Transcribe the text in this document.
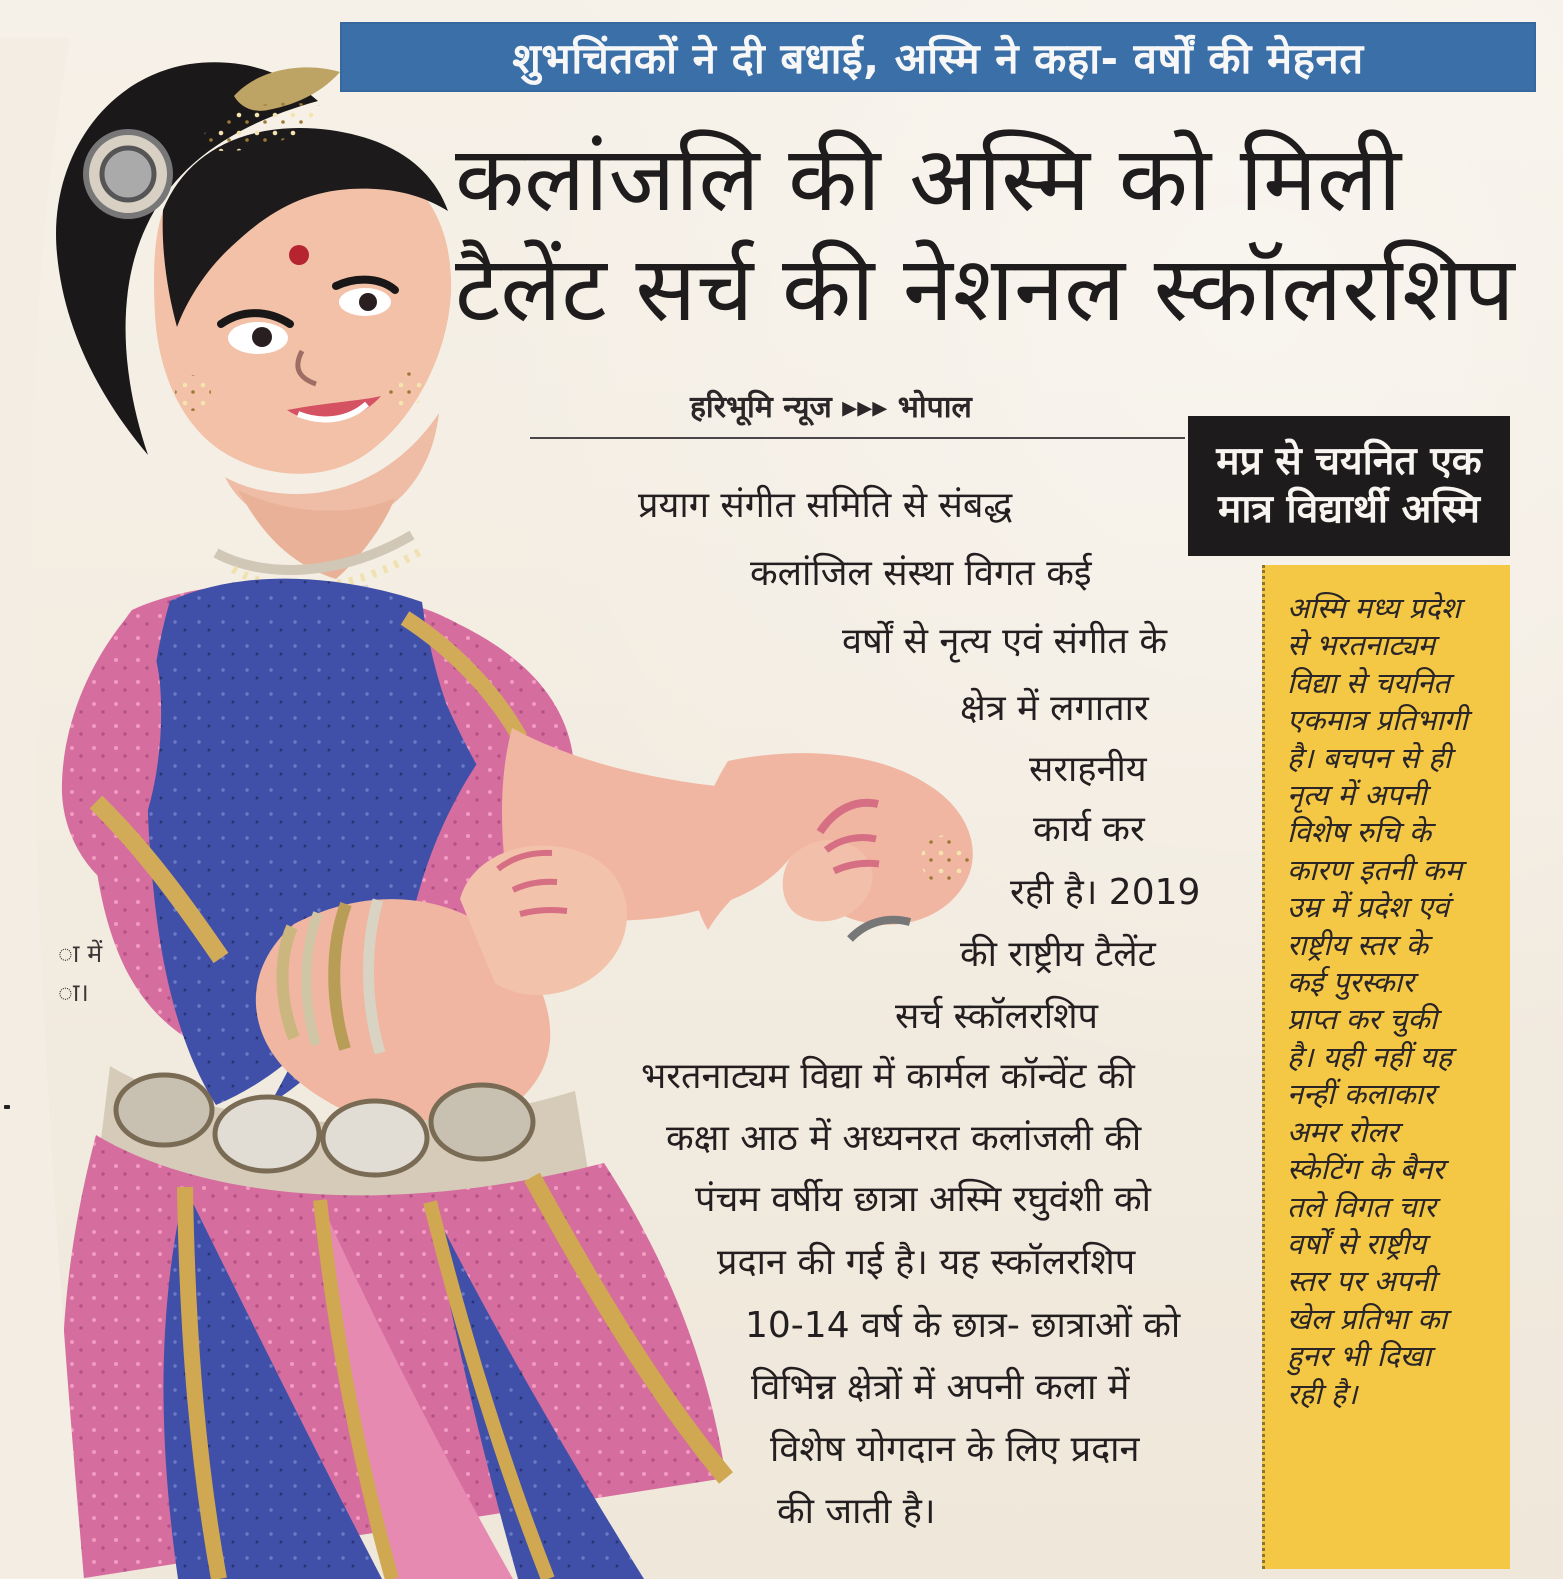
शुभचिंतकों ने दी बधाई, अस्मि ने कहा- वर्षों की मेहनत
कलांजलि की अस्मि को मिली
टैलेंट सर्च की नेशनल स्कॉलरशिप
हरिभूमि न्यूज ▸▸▸ भोपाल
मप्र से चयनित एक
मात्र विद्यार्थी अस्मि
अस्मि मध्य प्रदेश
से भरतनाट्यम
विद्या से चयनित
एकमात्र प्रतिभागी
है। बचपन से ही
नृत्य में अपनी
विशेष रुचि के
कारण इतनी कम
उम्र में प्रदेश एवं
राष्ट्रीय स्तर के
कई पुरस्कार
प्राप्त कर चुकी
है। यही नहीं यह
नन्हीं कलाकार
अमर रोलर
स्केटिंग के बैनर
तले विगत चार
वर्षों से राष्ट्रीय
स्तर पर अपनी
खेल प्रतिभा का
हुनर भी दिखा
रही है।
प्रयाग संगीत समिति से संबद्ध
कलांजिल संस्था विगत कई
वर्षों से नृत्य एवं संगीत के
क्षेत्र में लगातार
सराहनीय
कार्य कर
रही है। 2019
की राष्ट्रीय टैलेंट
सर्च स्कॉलरशिप
भरतनाट्यम विद्या में कार्मल कॉन्वेंट की
कक्षा आठ में अध्यनरत कलांजली की
पंचम वर्षीय छात्रा अस्मि रघुवंशी को
प्रदान की गई है। यह स्कॉलरशिप
10-14 वर्ष के छात्र- छात्राओं को
विभिन्न क्षेत्रों में अपनी कला में
विशेष योगदान के लिए प्रदान
की जाती है।
ा में
ा।
